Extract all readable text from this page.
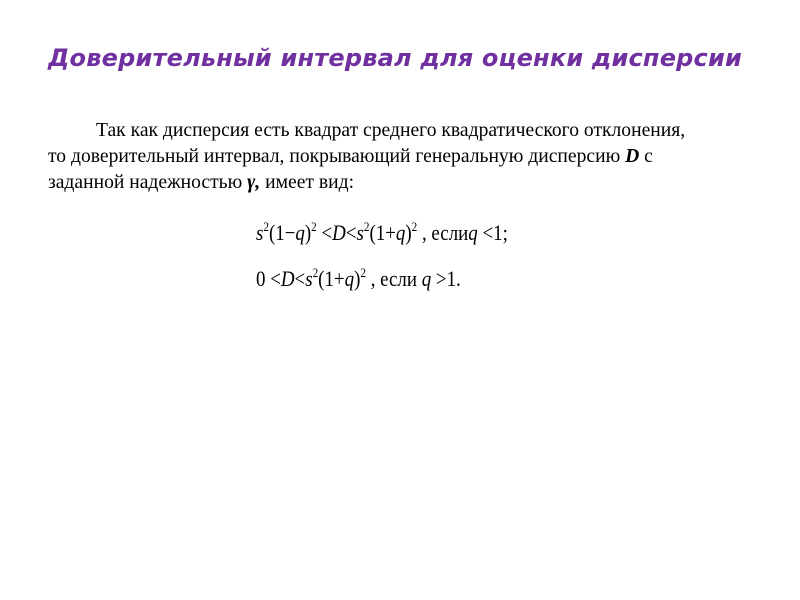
Доверительный интервал для оценки дисперсии
Так как дисперсия есть квадрат среднего квадратического отклонения,
то доверительный интервал, покрывающий генеральную дисперсию D с
заданной надежностью γ, имеет вид:
$s^2(1-q)^2 <D<s^2(1+q)^2$ , еслиq <1;
$0 <D<s^2(1+q)^2$ , если q >1.
